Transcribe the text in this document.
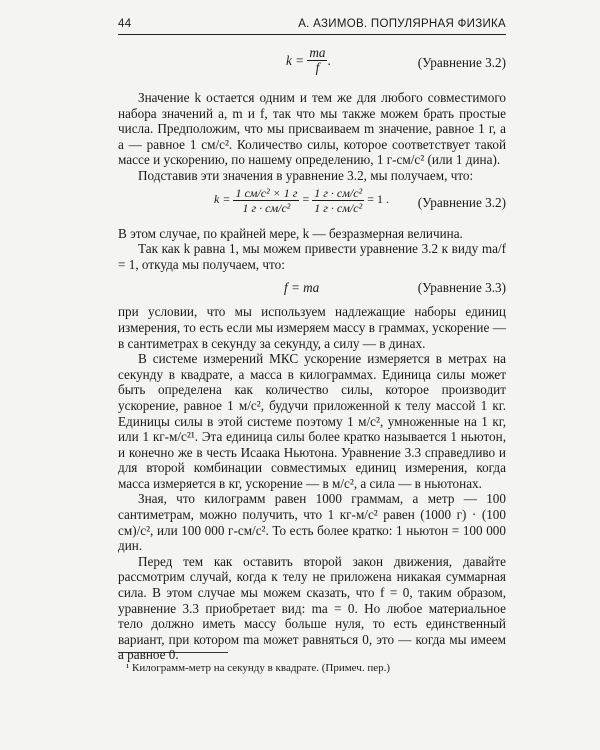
44	А. АЗИМОВ. ПОПУЛЯРНАЯ ФИЗИКА
k =
$\frac{ma}{f}$ .	(Уравнение 3.2)

Значение k остается одним и тем же для любого совместимого набора значений a, m и f, так что мы также можем брать простые числа. Предположим, что мы присваиваем m значение, равное 1 г, а a — равное 1 см/с². Количество силы, которое соответствует такой массе и ускорению, по нашему определению, 1 г-см/с² (или 1 дина).

Подставив эти значения в уравнение 3.2, мы получаем, что:

k =
$\frac{\text{1 см/с² × 1 г}}{\text{1 г · см/с²}} = \frac{\text{1 г · см/с²}}{\text{1 г · см/с²}}$
= 1 . (Уравнение 3.2)

В этом случае, по крайней мере, k — безразмерная величина.

Так как k равна 1, мы можем привести уравнение 3.2 к виду ma/f = 1, откуда мы получаем, что:

f = ma	(Уравнение 3.3)

при условии, что мы используем надлежащие наборы единиц измерения, то есть если мы измеряем массу в граммах, ускорение — в сантиметрах в секунду за секунду, а силу — в динах.

В системе измерений МКС ускорение измеряется в метрах на секунду в квадрате, а масса в килограммах. Единица силы может быть определена как количество силы, которое производит ускорение, равное 1 м/с², будучи приложенной к телу массой 1 кг. Единицы силы в этой системе поэтому 1 м/с², умноженные на 1 кг, или 1 кг-м/с²¹. Эта единица силы более кратко называется 1 ньютон, и конечно же в честь Исаака Ньютона. Уравнение 3.3 справедливо и для второй комбинации совместимых единиц измерения, когда масса измеряется в кг, ускорение — в м/с², а сила — в ньютонах.

Зная, что килограмм равен 1000 граммам, а метр — 100 сантиметрам, можно получить, что 1 кг-м/с² равен (1000 г) · (100 см)/с², или 100 000 г-см/с². То есть более кратко: 1 ньютон = 100 000 дин.

Перед тем как оставить второй закон движения, давайте рассмотрим случай, когда к телу не приложена никакая суммарная сила. В этом случае мы можем сказать, что f = 0, таким образом, уравнение 3.3 приобретает вид: ma = 0. Но любое материальное тело должно иметь массу больше нуля, то есть единственный вариант, при котором ma может равняться 0, это — когда мы имеем a равное 0.

¹ Килограмм-метр на секунду в квадрате. (Примеч. пер.)
